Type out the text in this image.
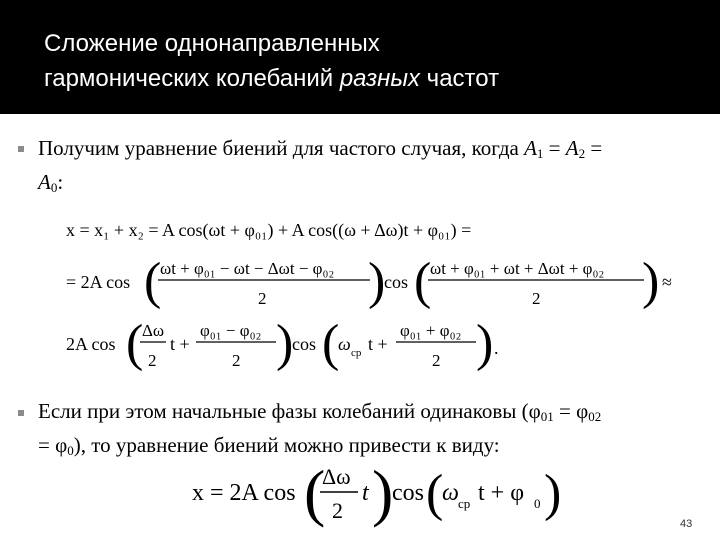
Сложение однонаправленных
гармонических колебаний разных частот
Получим уравнение биений для частого случая, когда $A_1 = A_2$ =
$A_0$:
x = x₁ + x₂ = A cos(ωt + φ₀₁) + A cos((ω + Δω)t + φ₀₁) =
= 2A cos (
ωt + φ₀₁ − ωt − Δωt − φ₀₂
2 )
cos (
ωt + φ₀₁ + ωt + Δωt + φ₀₂
2 ) ≈
2A cos (
Δω
2
t +
φ₀₁ − φ₀₂
2 )
cos (
ω ср t +
φ₀₁ + φ₀₂
2 ) .
Если при этом начальные фазы колебаний одинаковы ($\varphi_{01} = \varphi_{02}$
= $\varphi_0$), то уравнение биений можно привести к виду:
x = 2A cos (
Δω
2
t )
cos (
ω ср t + φ 0 )
43
